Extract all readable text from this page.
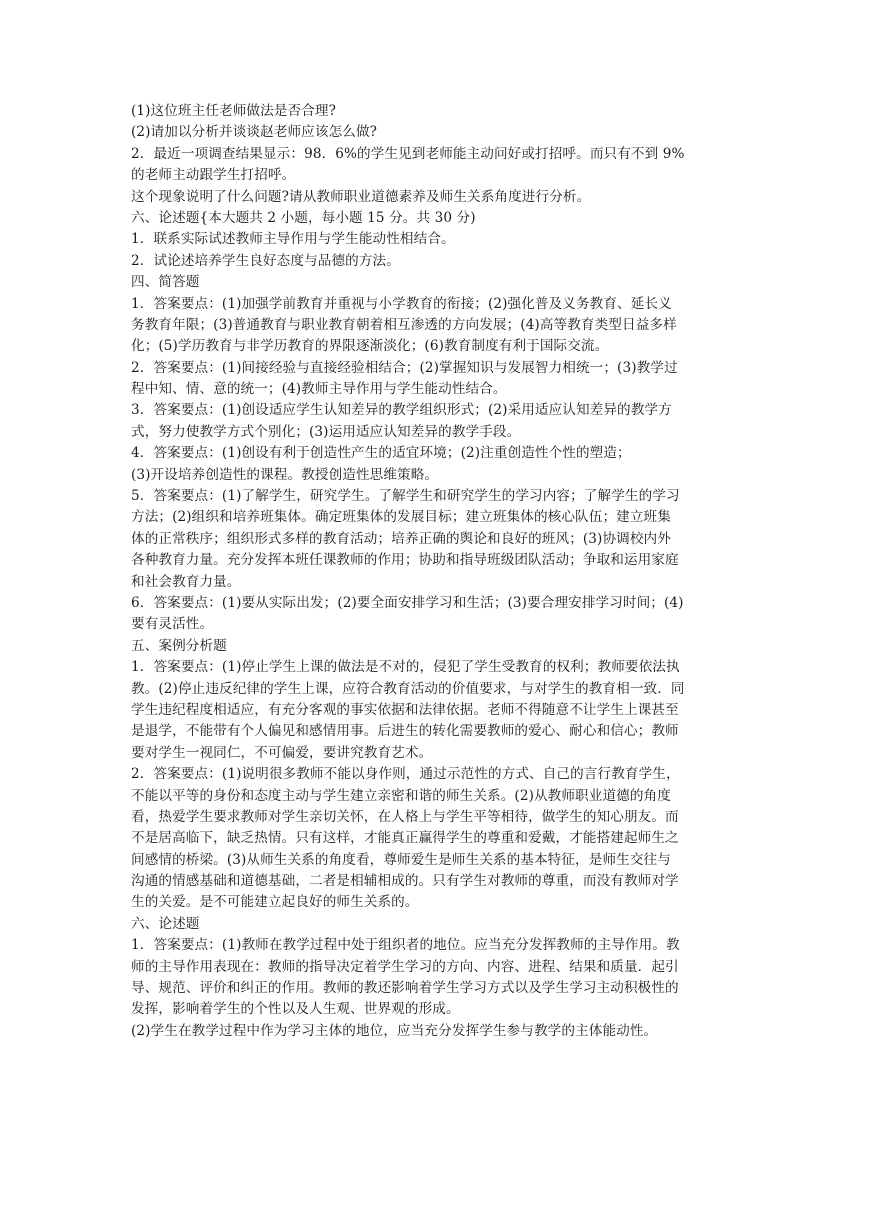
(1)这位班主任老师做法是否合理?
(2)请加以分析并谈谈赵老师应该怎么做?
2．最近一项调查结果显示：98．6%的学生见到老师能主动问好或打招呼。而只有不到 9%
的老师主动跟学生打招呼。
这个现象说明了什么问题?请从教师职业道德素养及师生关系角度进行分析。
六、论述题{本大题共 2 小题，每小题 15 分。共 30 分)
1．联系实际试述教师主导作用与学生能动性相结合。
2．试论述培养学生良好态度与品德的方法。
四、简答题
1．答案要点：(1)加强学前教育并重视与小学教育的衔接；(2)强化普及义务教育、延长义
务教育年限；(3)普通教育与职业教育朝着相互渗透的方向发展；(4)高等教育类型日益多样
化；(5)学历教育与非学历教育的界限逐渐淡化；(6)教育制度有利于国际交流。
2．答案要点：(1)间接经验与直接经验相结合；(2)掌握知识与发展智力相统一；(3)教学过
程中知、情、意的统一；(4)教师主导作用与学生能动性结合。
3．答案要点：(1)创设适应学生认知差异的教学组织形式；(2)采用适应认知差异的教学方
式，努力使教学方式个别化；(3)运用适应认知差异的教学手段。
4．答案要点：(1)创设有利于创造性产生的适宜环境；(2)注重创造性个性的塑造；
(3)开设培养创造性的课程。教授创造性思维策略。
5．答案要点：(1)了解学生，研究学生。了解学生和研究学生的学习内容；了解学生的学习
方法；(2)组织和培养班集体。确定班集体的发展目标；建立班集体的核心队伍；建立班集
体的正常秩序；组织形式多样的教育活动；培养正确的舆论和良好的班风；(3)协调校内外
各种教育力量。充分发挥本班任课教师的作用；协助和指导班级团队活动；争取和运用家庭
和社会教育力量。
6．答案要点：(1)要从实际出发；(2)要全面安排学习和生活；(3)要合理安排学习时间；(4)
要有灵活性。
五、案例分析题
1．答案要点：(1)停止学生上课的做法是不对的，侵犯了学生受教育的权利；教师要依法执
教。(2)停止违反纪律的学生上课，应符合教育活动的价值要求，与对学生的教育相一致．同
学生违纪程度相适应，有充分客观的事实依据和法律依据。老师不得随意不让学生上课甚至
是退学，不能带有个人偏见和感情用事。后进生的转化需要教师的爱心、耐心和信心；教师
要对学生一视同仁，不可偏爱，要讲究教育艺术。
2．答案要点：(1)说明很多教师不能以身作则，通过示范性的方式、自己的言行教育学生，
不能以平等的身份和态度主动与学生建立亲密和谐的师生关系。(2)从教师职业道德的角度
看，热爱学生要求教师对学生亲切关怀，在人格上与学生平等相待，做学生的知心朋友。而
不是居高临下，缺乏热情。只有这样，才能真正赢得学生的尊重和爱戴，才能搭建起师生之
间感情的桥梁。(3)从师生关系的角度看，尊师爱生是师生关系的基本特征，是师生交往与
沟通的情感基础和道德基础，二者是相辅相成的。只有学生对教师的尊重，而没有教师对学
生的关爱。是不可能建立起良好的师生关系的。
六、论述题
1．答案要点：(1)教师在教学过程中处于组织者的地位。应当充分发挥教师的主导作用。教
师的主导作用表现在：教师的指导决定着学生学习的方向、内容、进程、结果和质量．起引
导、规范、评价和纠正的作用。教师的教还影响着学生学习方式以及学生学习主动积极性的
发挥，影响着学生的个性以及人生观、世界观的形成。
(2)学生在教学过程中作为学习主体的地位，应当充分发挥学生参与教学的主体能动性。
